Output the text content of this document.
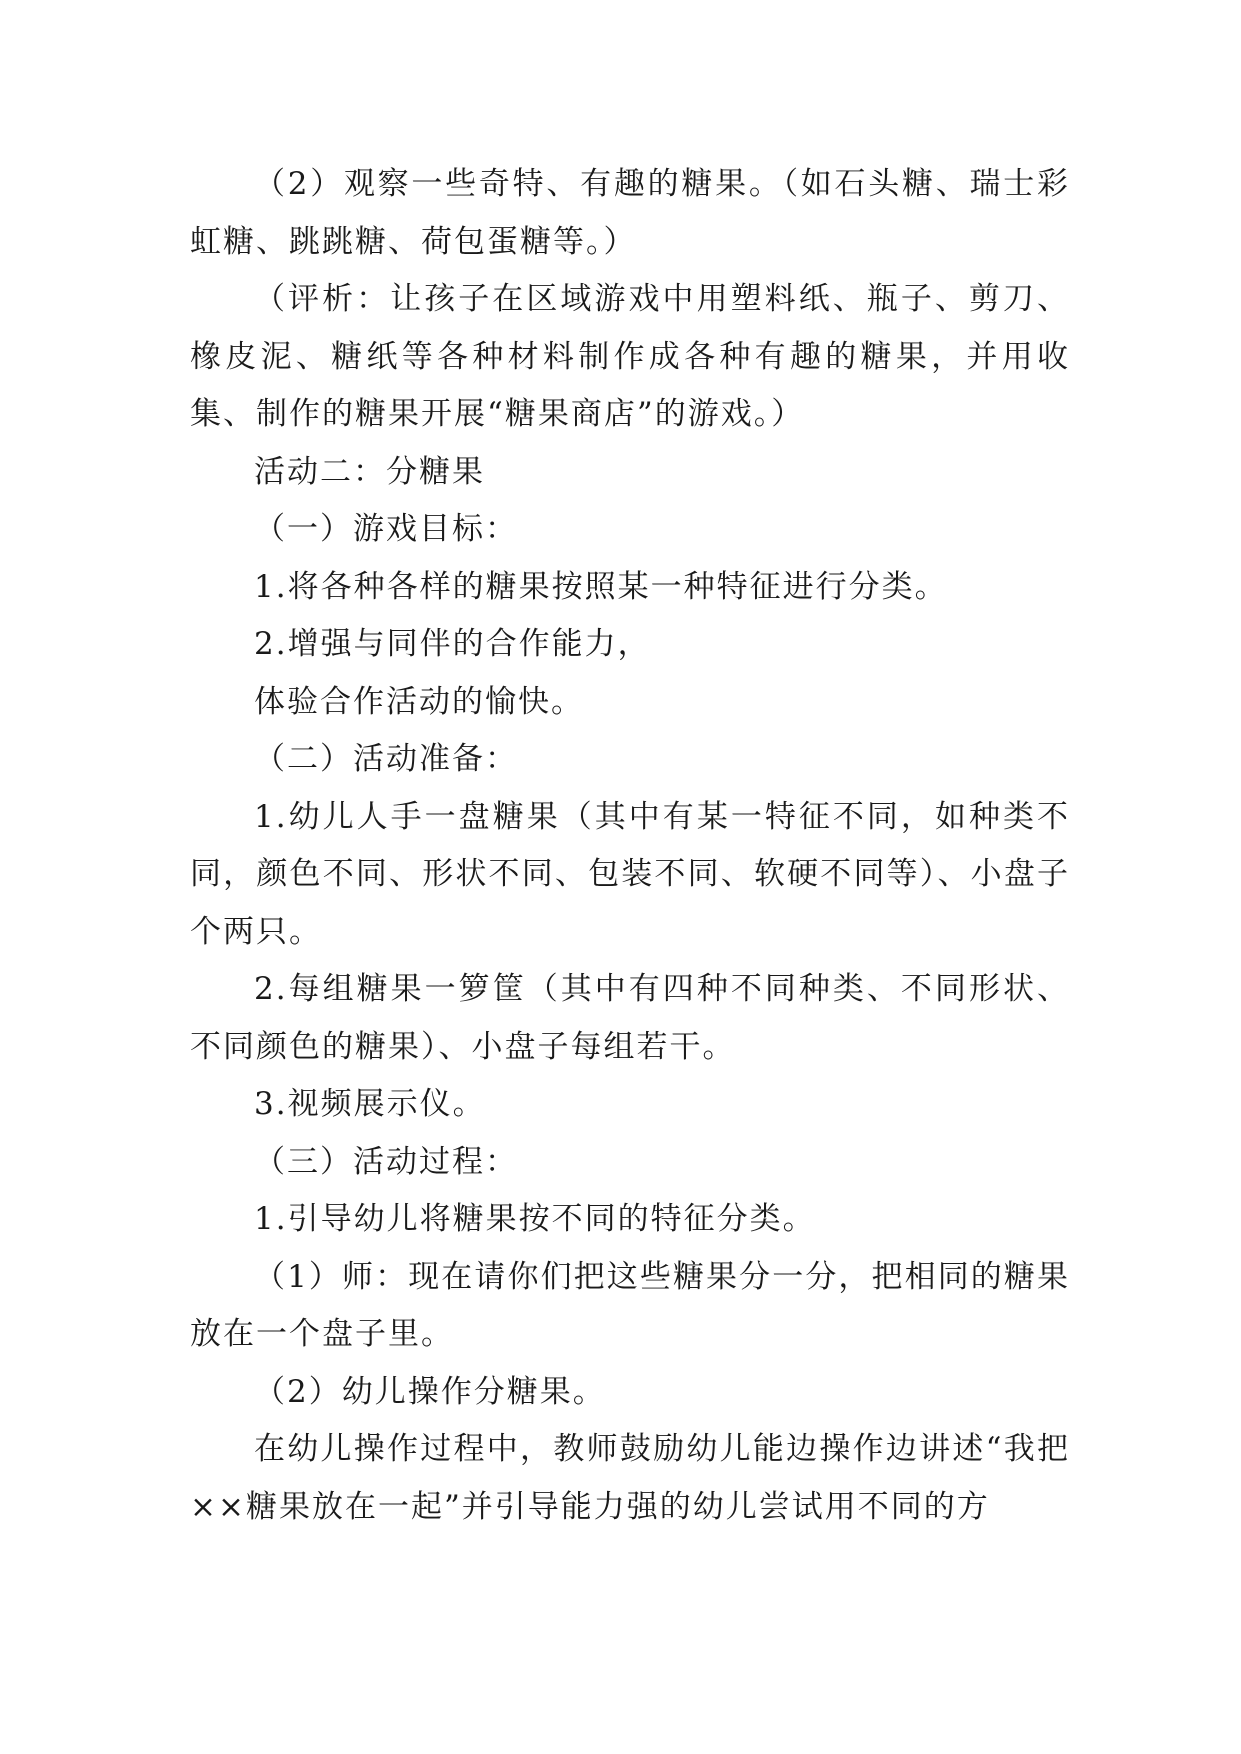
（2）观察一些奇特、有趣的糖果。（如石头糖、瑞士彩虹糖、跳跳糖、荷包蛋糖等。）

（评析：让孩子在区域游戏中用塑料纸、瓶子、剪刀、橡皮泥、糖纸等各种材料制作成各种有趣的糖果，并用收集、制作的糖果开展“糖果商店”的游戏。）

活动二：分糖果

（一）游戏目标：

1.将各种各样的糖果按照某一种特征进行分类。

2.增强与同伴的合作能力，

体验合作活动的愉快。

（二）活动准备：

1.幼儿人手一盘糖果（其中有某一特征不同，如种类不同，颜色不同、形状不同、包装不同、软硬不同等）、小盘子个两只。

2.每组糖果一箩筐（其中有四种不同种类、不同形状、不同颜色的糖果）、小盘子每组若干。

3.视频展示仪。

（三）活动过程：

1.引导幼儿将糖果按不同的特征分类。

（1）师：现在请你们把这些糖果分一分，把相同的糖果放在一个盘子里。

（2）幼儿操作分糖果。

在幼儿操作过程中，教师鼓励幼儿能边操作边讲述“我把××糖果放在一起”并引导能力强的幼儿尝试用不同的方
